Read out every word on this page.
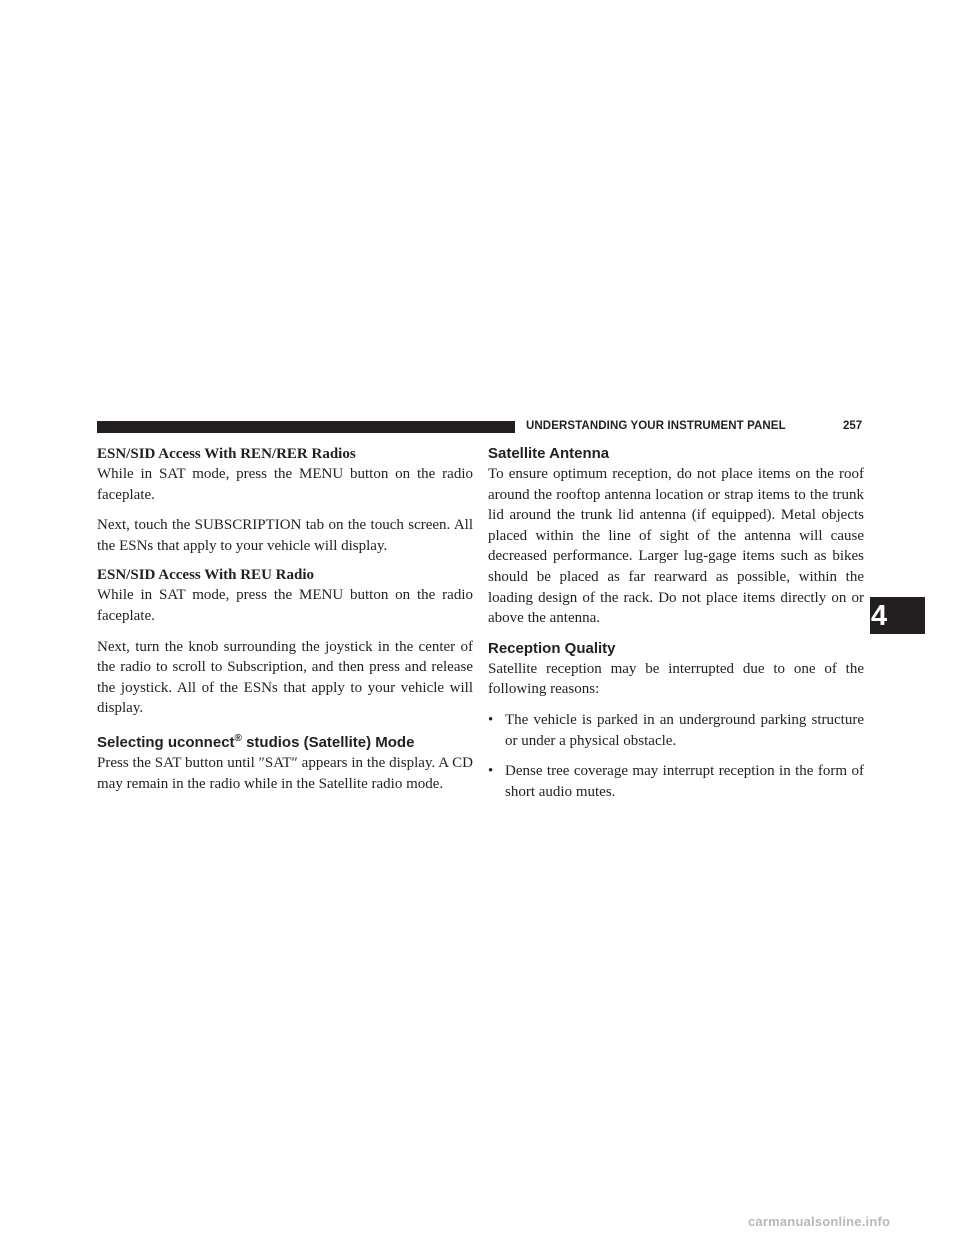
UNDERSTANDING YOUR INSTRUMENT PANEL	257
4

ESN/SID Access With REN/RER Radios

While in SAT mode, press the MENU button on the radio faceplate.

Next, touch the SUBSCRIPTION tab on the touch screen. All the ESNs that apply to your vehicle will display.

ESN/SID Access With REU Radio

While in SAT mode, press the MENU button on the radio faceplate.

Next, turn the knob surrounding the joystick in the center of the radio to scroll to Subscription, and then press and release the joystick. All of the ESNs that apply to your vehicle will display.

Selecting uconnect® studios (Satellite) Mode

Press the SAT button until ″SAT″ appears in the display. A CD may remain in the radio while in the Satellite radio mode.

Satellite Antenna

To ensure optimum reception, do not place items on the roof around the rooftop antenna location or strap items to the trunk lid around the trunk lid antenna (if equipped). Metal objects placed within the line of sight of the antenna will cause decreased performance. Larger lug-gage items such as bikes should be placed as far rearward as possible, within the loading design of the rack. Do not place items directly on or above the antenna.

Reception Quality

Satellite reception may be interrupted due to one of the following reasons:

• The vehicle is parked in an underground parking structure or under a physical obstacle.

• Dense tree coverage may interrupt reception in the form of short audio mutes.

carmanualsonline.info
